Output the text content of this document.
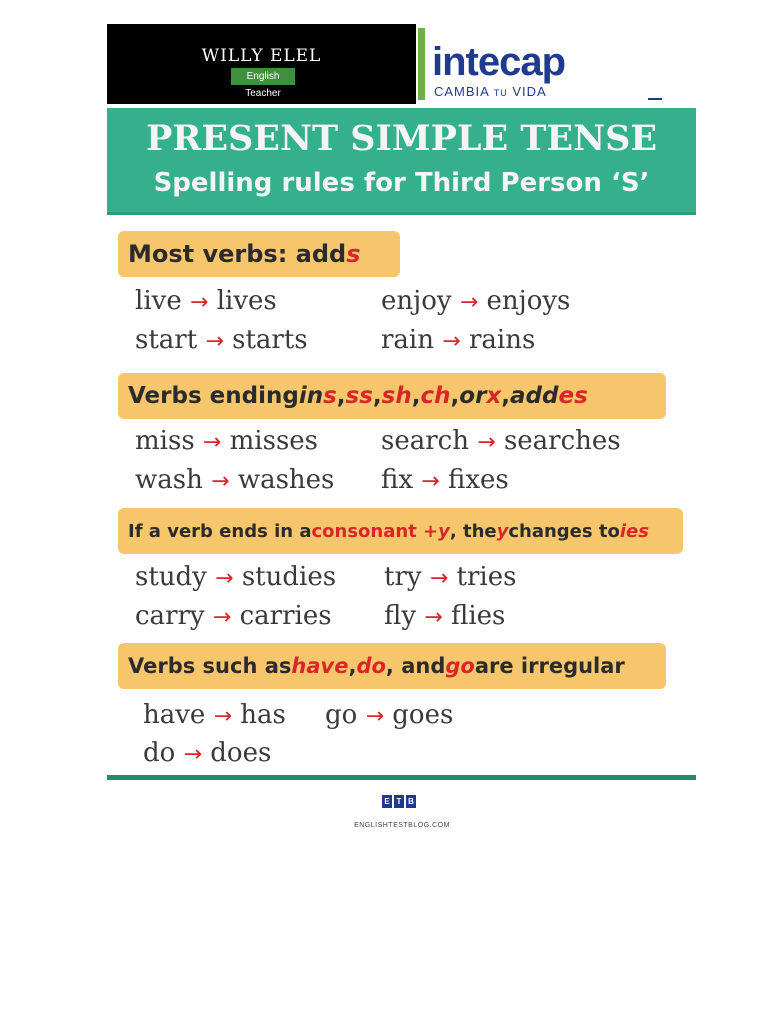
WILLY ELEL
English Teacher
intecap
CAMBIA TU VIDA
PRESENT SIMPLE TENSE
Spelling rules for Third Person ‘S’
Most verbs: add s
live → lives	enjoy → enjoys
start → starts	rain → rains
Verbs ending in s , ss , sh , ch , or x , add es
miss → misses search → searches
wash → washes fix → fixes
If a verb ends in a consonant + y , the y changes to ies
study → studies try → tries
carry → carries fly → flies
Verbs such as have , do , and go are irregular
have → has go → goes
do → does
E T B
ENGLISHTESTBLOG.COM
